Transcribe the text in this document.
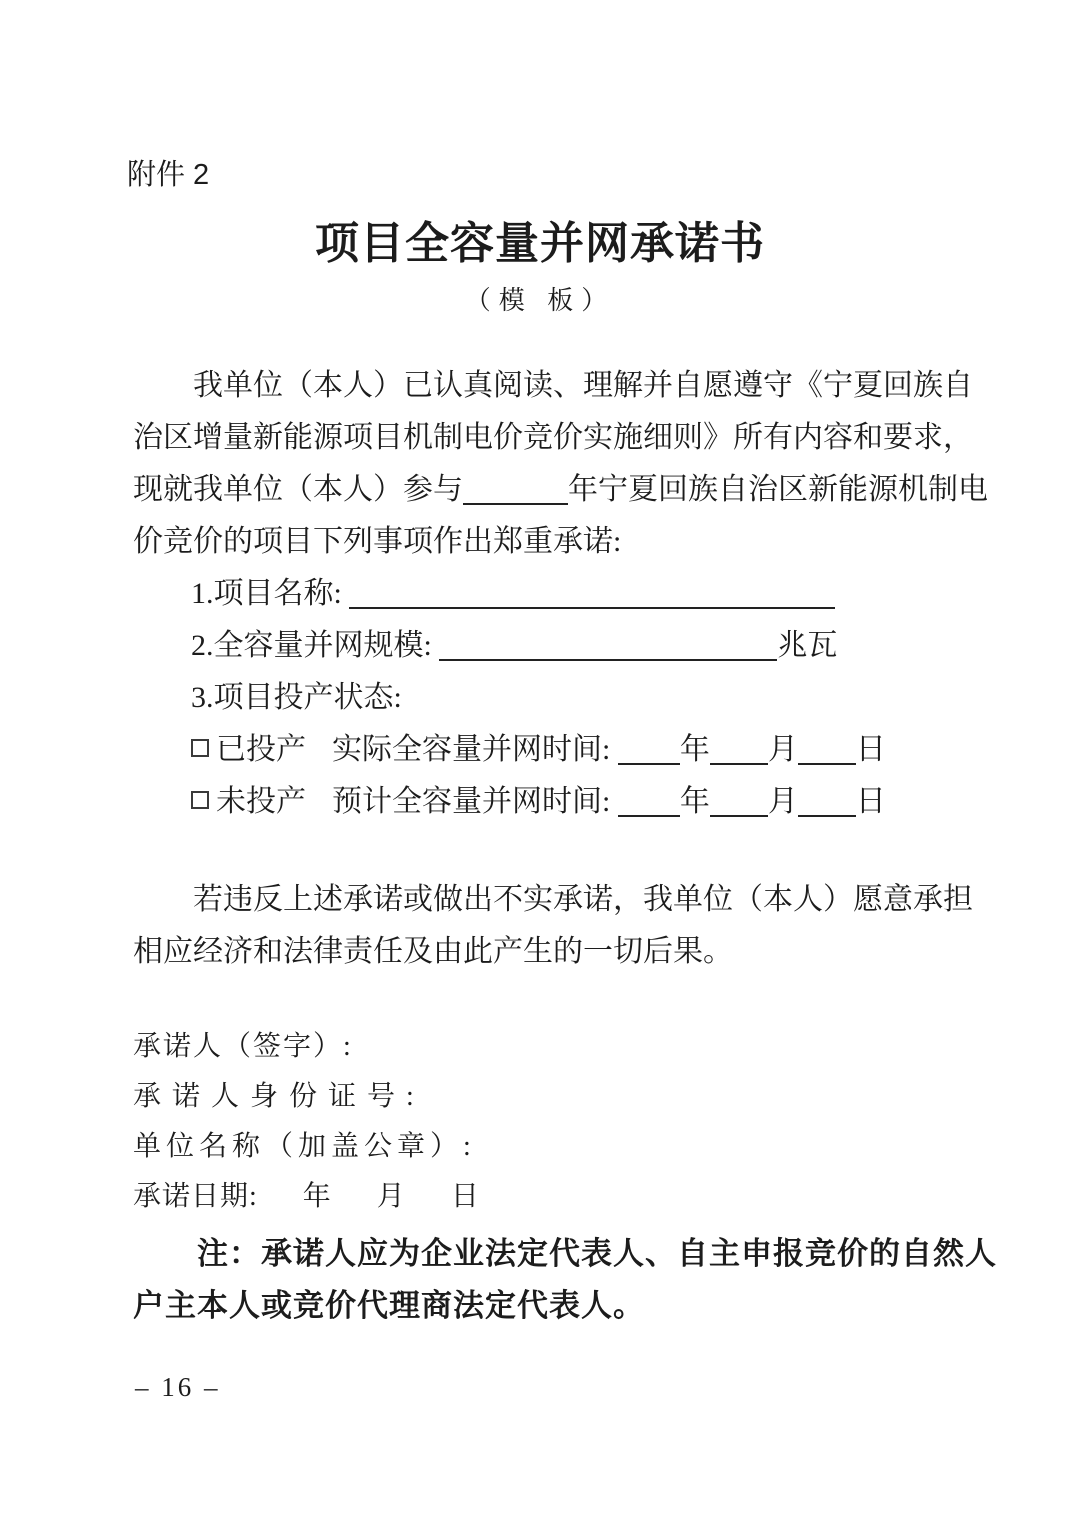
附件 2
项目全容量并网承诺书
（模 板）
我单位（本人）已认真阅读、理解并自愿遵守《宁夏回族自
治区增量新能源项目机制电价竞价实施细则》所有内容和要求，
现就我单位（本人）参与	年宁夏回族自治区新能源机制电
价竞价的项目下列事项作出郑重承诺:
1.项目名称:
2.全容量并网规模:	兆瓦
3.项目投产状态:
已投产 实际全容量并网时间: 年 月 日
未投产 预计全容量并网时间: 年 月 日
若违反上述承诺或做出不实承诺，我单位（本人）愿意承担
相应经济和法律责任及由此产生的一切后果。
承诺人（签字）:
承诺人身份证号:
单位名称（加盖公章）:
承诺日期: 年 月 日
注：承诺人应为企业法定代表人、自主申报竞价的自然人
户主本人或竞价代理商法定代表人。
– 16 –
